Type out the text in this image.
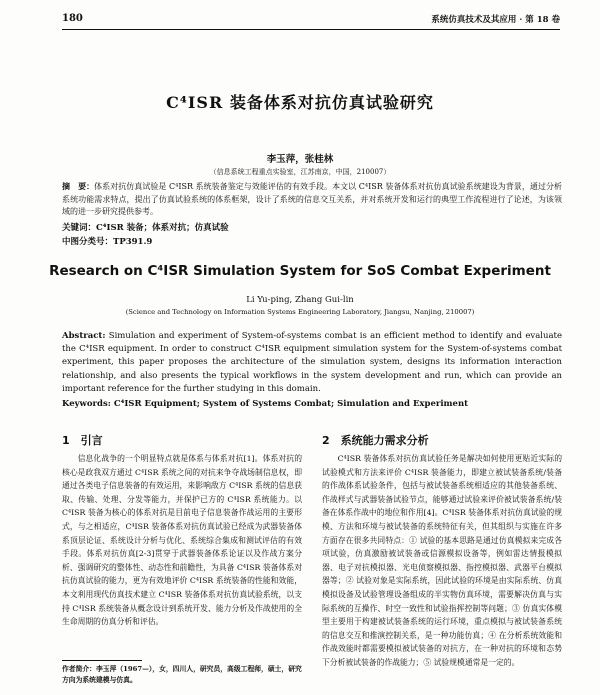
180	系统仿真技术及其应用 · 第 18 卷
C⁴ISR 装备体系对抗仿真试验研究
李玉萍，张桂林
（信息系统工程重点实验室，江苏南京，中国，210007）
摘　要：体系对抗仿真试验是 C⁴ISR 系统装备鉴定与效能评估的有效手段。本文以 C⁴ISR 装备体系对抗仿真试验系统建设为背景，通过分析系统功能需求特点，提出了仿真试验系统的体系框架，设计了系统的信息交互关系，并对系统开发和运行的典型工作流程进行了论述，为该领域的进一步研究提供参考。
关键词：C⁴ISR 装备；体系对抗；仿真试验
中图分类号：TP391.9
Research on C⁴ISR Simulation System for SoS Combat Experiment
Li Yu-ping, Zhang Gui-lin
(Science and Technology on Information Systems Engineering Laboratory, Jiangsu, Nanjing, 210007)
Abstract: Simulation and experiment of System-of-systems combat is an efficient method to identify and evaluate the C⁴ISR equipment. In order to construct C⁴ISR equipment simulation system for the System-of-systems combat experiment, this paper proposes the architecture of the simulation system, designs its information interaction relationship, and also presents the typical workflows in the system development and run, which can provide an important reference for the further studying in this domain.
Keywords: C⁴ISR Equipment; System of Systems Combat; Simulation and Experiment
1　引言	2　系统能力需求分析
信息化战争的一个明显特点就是体系与体系对抗[1]。体系对抗的核心是政我双方通过 C⁴ISR 系统之间的对抗来争夺战场制信息权，即通过各类电子信息装备的有效运用，来影响敌方 C⁴ISR 系统的信息获取、传输、处理、分发等能力，并保护已方的 C⁴ISR 系统能力。以 C⁴ISR 装备为核心的体系对抗是目前电子信息装备作战运用的主要形式，与之相适应，C⁴ISR 装备体系对抗仿真试验已经成为武器装备体系顶层论证、系统设计分析与优化、系统综合集成和测试评估的有效手段。体系对抗仿真[2-3]贯穿于武器装备体系论证以及作战方案分析、强调研究的整体性、动态性和前瞻性，为具备 C⁴ISR 装备体系对抗仿真试验的能力，更为有效地评价 C⁴ISR 系统装备的性能和效能，本文利用现代仿真技术建立 C⁴ISR 装备体系对抗仿真试验系统，以支持 C⁴ISR 系统装备从概念设计到系统开发、能力分析及作战使用的全生命周期的仿真分析和评估。
C⁴ISR 装备体系对抗仿真试验任务是解决如何使用更贴近实际的试验模式和方法来评价 C⁴ISR 装备能力，即建立被试装备系统/装备的作战体系试验条件，包括与被试装备系统相适应的其他装备系统、作战样式与武器装备试验节点，能够通过试验来评价被试装备系统/装备在体系作战中的地位和作用[4]。C⁴ISR 装备体系对抗仿真试验的规模、方法和环境与被试装备的系统特征有关，但其组织与实施在许多方面存在很多共同特点：① 试验的基本思路是通过仿真模拟来完成各项试验，仿真激励被试装备或信源模拟设备等，例如雷达情报模拟器、电子对抗模拟器、光电侦察模拟器、指控模拟器、武器平台模拟器等；② 试验对象是实际系统，因此试验的环境是由实际系统、仿真模拟设备及试验管理设备组成的半实物仿真环境，需要解决仿真与实际系统的互操作、时空一致性和试验指挥控制等问题；③ 仿真实体模型主要用于构建被试装备系统的运行环境，重点模拟与被试装备系统的信息交互和推演控制关系，是一种功能仿真；④ 在分析系统效能和作战效能时都需要模拟被试装备的对抗方，在一种对抗的环境和态势下分析被试装备的作战能力；⑤ 试验规模通常是一定的。
作者简介：李玉萍（1967—），女，四川人，研究员，高级工程师，硕士，研究方向为系统建模与仿真。
